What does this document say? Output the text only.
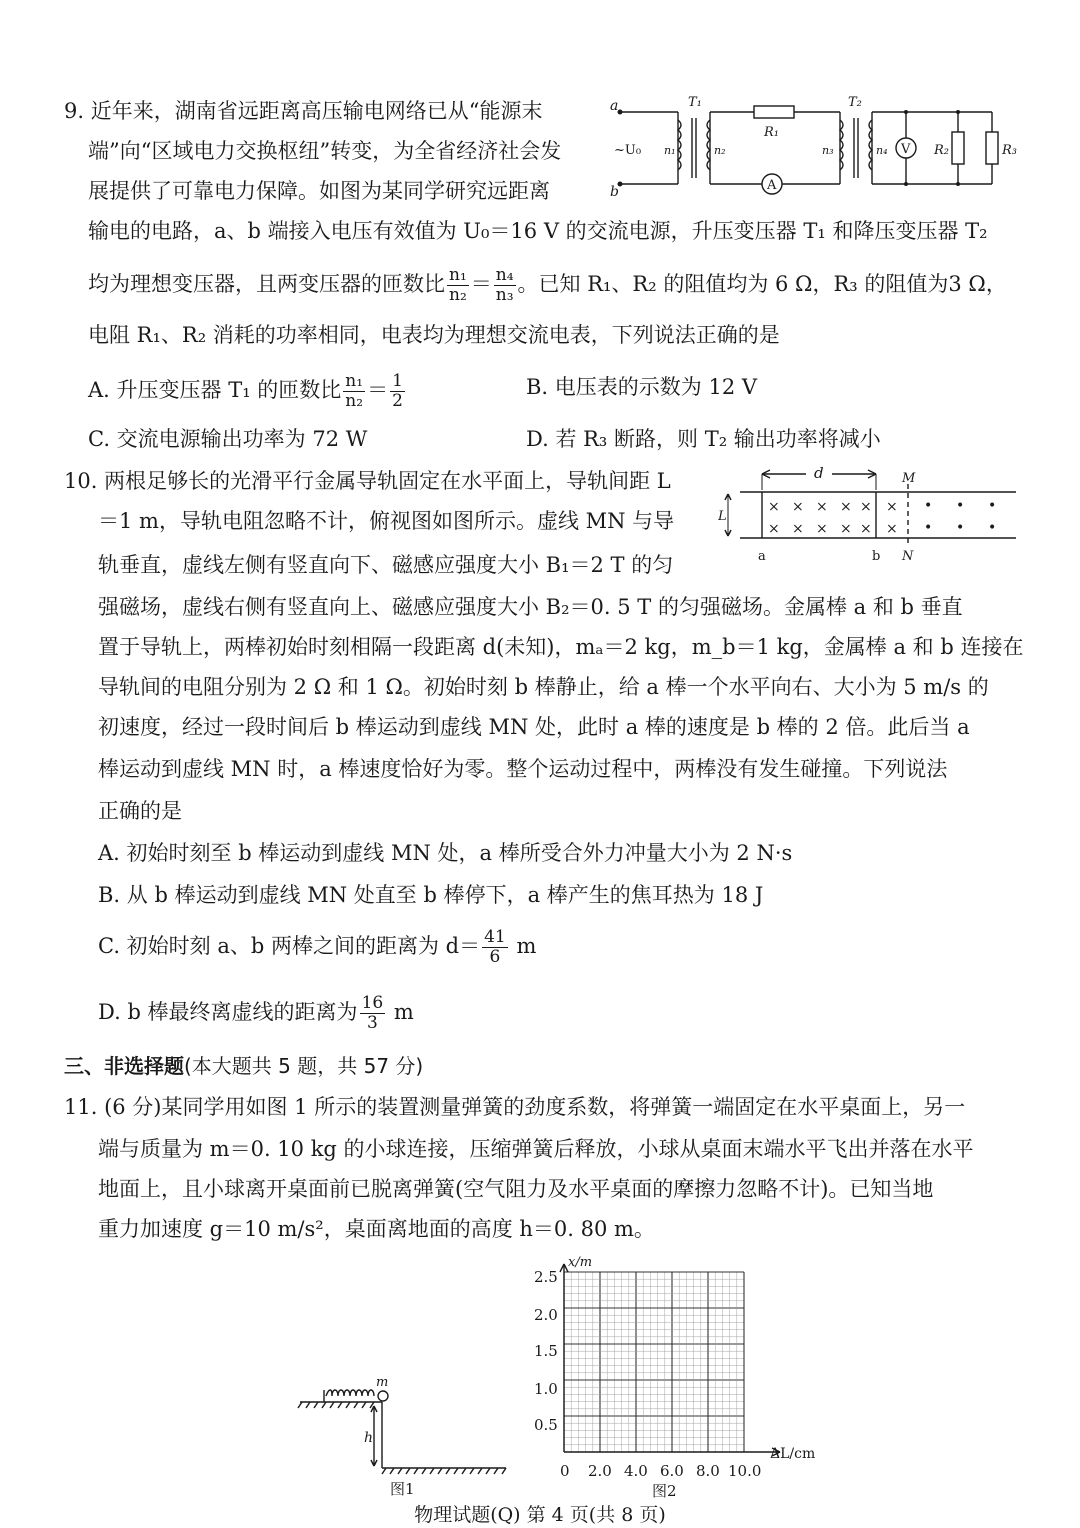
9. 近年来，湖南省远距离高压输电网络已从“能源末
端”向“区域电力交换枢纽”转变，为全省经济社会发
展提供了可靠电力保障。如图为某同学研究远距离
a
b
~U₀
T₁	T₂
R₁
n₁	n₂	n₃	n₄
A
V R₂	R₃
输电的电路，a、b 端接入电压有效值为 U₀＝16 V 的交流电源，升压变压器 T₁ 和降压变压器 T₂
均为理想变压器，且两变压器的匝数比 $\frac{\text{n₁}}{\text{n₂}} = \frac{\text{n₄}}{\text{n₃}}$ 。已知 R₁、R₂ 的阻值均为 6 Ω，R₃ 的阻值为3 Ω，
电阻 R₁、R₂ 消耗的功率相同，电表均为理想交流电表，下列说法正确的是
A. 升压变压器 T₁ 的匝数比 $\frac{\text{n₁}}{\text{n₂}} = \frac{1}{2}$	B. 电压表的示数为 12 V
C. 交流电源输出功率为 72 W	D. 若 R₃ 断路，则 T₂ 输出功率将减小
10. 两根足够长的光滑平行金属导轨固定在水平面上，导轨间距 L
＝1 m，导轨电阻忽略不计，俯视图如图所示。虚线 MN 与导
轨垂直，虚线左侧有竖直向下、磁感应强度大小 B₁＝2 T 的匀
× × × × × ×
× × × × × ×
• • •
• • •
d
L
M
N
a	b
强磁场，虚线右侧有竖直向上、磁感应强度大小 B₂＝0. 5 T 的匀强磁场。金属棒 a 和 b 垂直
置于导轨上，两棒初始时刻相隔一段距离 d(未知)，mₐ＝2 kg，m_b＝1 kg，金属棒 a 和 b 连接在
导轨间的电阻分别为 2 Ω 和 1 Ω。初始时刻 b 棒静止，给 a 棒一个水平向右、大小为 5 m/s 的
初速度，经过一段时间后 b 棒运动到虚线 MN 处，此时 a 棒的速度是 b 棒的 2 倍。此后当 a
棒运动到虚线 MN 时，a 棒速度恰好为零。整个运动过程中，两棒没有发生碰撞。下列说法
正确的是
A. 初始时刻至 b 棒运动到虚线 MN 处，a 棒所受合外力冲量大小为 2 N·s
B. 从 b 棒运动到虚线 MN 处直至 b 棒停下，a 棒产生的焦耳热为 18 J
C. 初始时刻 a、b 两棒之间的距离为 $d= \frac{41}{6}$ m
D. b 棒最终离虚线的距离为 $\frac{16}{3}$ m
三、非选择题(本大题共 5 题，共 57 分)
11. (6 分)某同学用如图 1 所示的装置测量弹簧的劲度系数，将弹簧一端固定在水平桌面上，另一
端与质量为 m＝0. 10 kg 的小球连接，压缩弹簧后释放，小球从桌面末端水平飞出并落在水平
地面上，且小球离开桌面前已脱离弹簧(空气阻力及水平桌面的摩擦力忽略不计)。已知当地
重力加速度 g＝10 m/s²，桌面离地面的高度 h＝0. 80 m。
m
h
图1
x/m
ΔL/cm
2.5
2.0
1.5
1.0
0.5
0 2.0 4.0 6.0 8.0 10.0
图2
物理试题(Q) 第 4 页(共 8 页)
